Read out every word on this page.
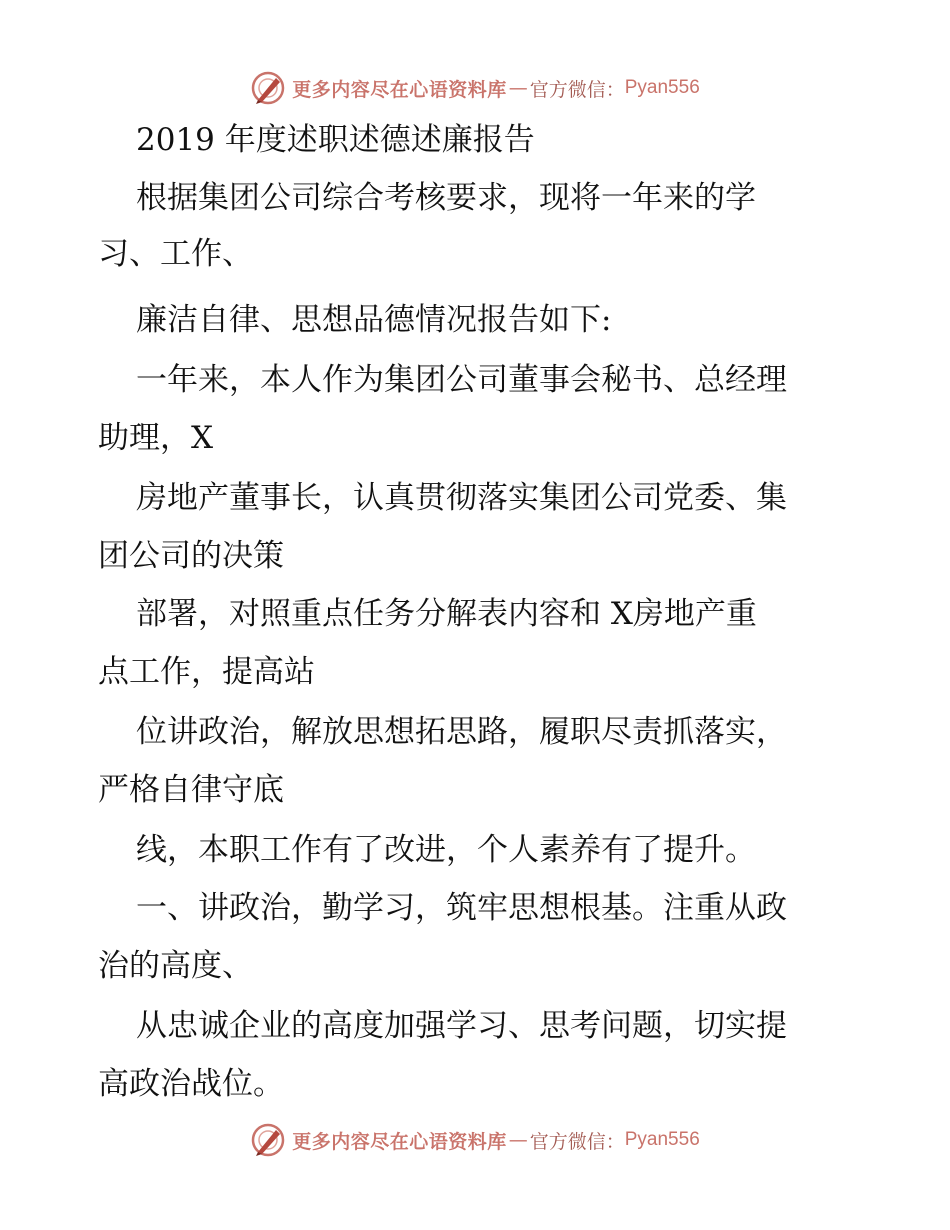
更多内容尽在心语资料库 — 官方微信： Pyan556
2019 年度述职述德述廉报告
根据集团公司综合考核要求，现将一年来的学
习、工作、
廉洁自律、思想品德情况报告如下:
一年来，本人作为集团公司董事会秘书、总经理
助理，X
房地产董事长，认真贯彻落实集团公司党委、集
团公司的决策
部署，对照重点任务分解表内容和 X房地产重
点工作，提高站
位讲政治，解放思想拓思路，履职尽责抓落实，
严格自律守底
线，本职工作有了改进，个人素养有了提升。
一、讲政治，勤学习，筑牢思想根基。注重从政
治的高度、
从忠诚企业的高度加强学习、思考问题，切实提
高政治战位。
更多内容尽在心语资料库 — 官方微信： Pyan556
